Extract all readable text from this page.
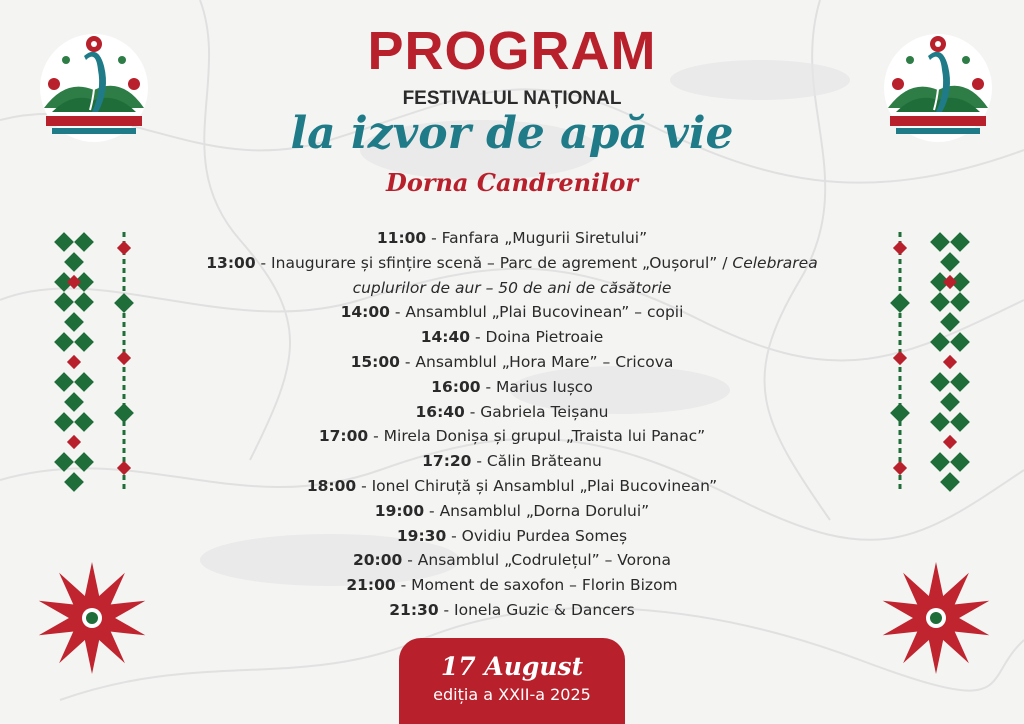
PROGRAM
FESTIVALUL NAȚIONAL
la izvor de apă vie
Dorna Candrenilor
11:00 - Fanfara „Mugurii Siretului”
13:00 - Inaugurare și sfințire scenă – Parc de agrement „Oușorul” / Celebrarea cuplurilor de aur – 50 de ani de căsătorie
14:00 - Ansamblul „Plai Bucovinean” – copii
14:40 - Doina Pietroaie
15:00 - Ansamblul „Hora Mare” – Cricova
16:00 - Marius Iușco
16:40 - Gabriela Teișanu
17:00 - Mirela Donișa și grupul „Traista lui Panac”
17:20 - Călin Brăteanu
18:00 - Ionel Chiruță și Ansamblul „Plai Bucovinean”
19:00 - Ansamblul „Dorna Dorului”
19:30 - Ovidiu Purdea Someș
20:00 - Ansamblul „Codrulețul” – Vorona
21:00 - Moment de saxofon – Florin Bizom
21:30 - Ionela Guzic & Dancers
17 August
ediția a XXII-a 2025
